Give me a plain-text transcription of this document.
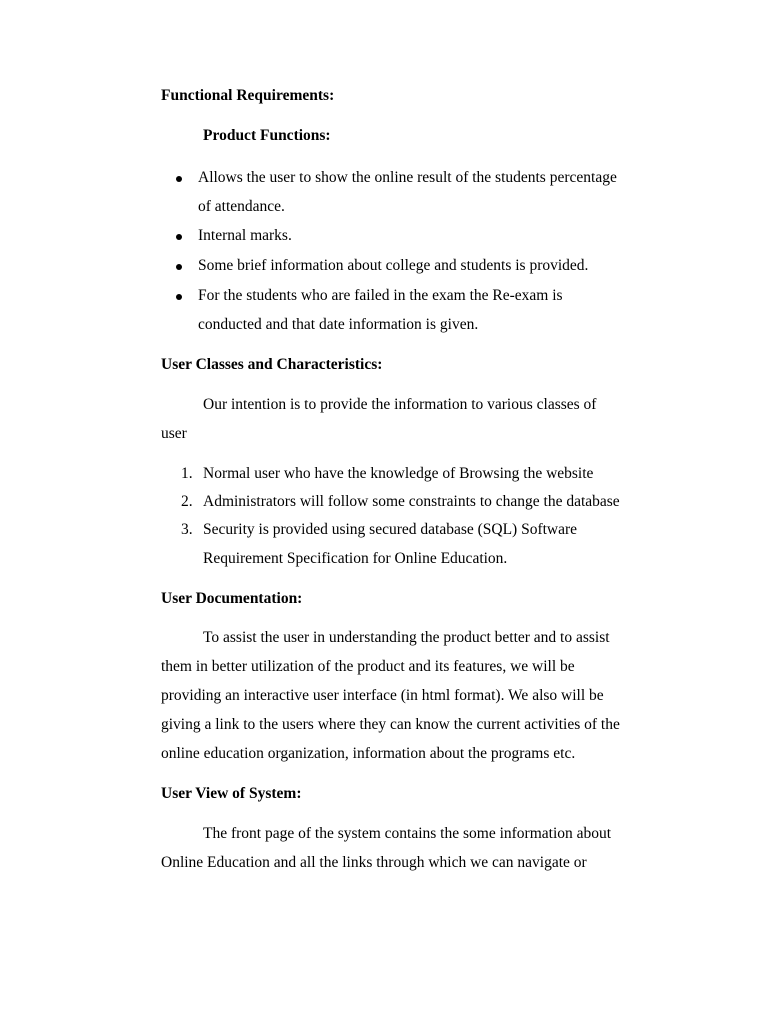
Functional Requirements:
Product Functions:
Allows the user to show the online result of the students percentage
of attendance.
Internal marks.
Some brief information about college and students is provided.
For the students who are failed in the exam the Re-exam is
conducted and that date information is given.
User Classes and Characteristics:
Our intention is to provide the information to various classes of
user
1. Normal user who have the knowledge of Browsing the website
2. Administrators will follow some constraints to change the database
3. Security is provided using secured database (SQL) Software
Requirement Specification for Online Education.
User Documentation:
To assist the user in understanding the product better and to assist
them in better utilization of the product and its features, we will be
providing an interactive user interface (in html format). We also will be
giving a link to the users where they can know the current activities of the
online education organization, information about the programs etc.
User View of System:
The front page of the system contains the some information about
Online Education and all the links through which we can navigate or
